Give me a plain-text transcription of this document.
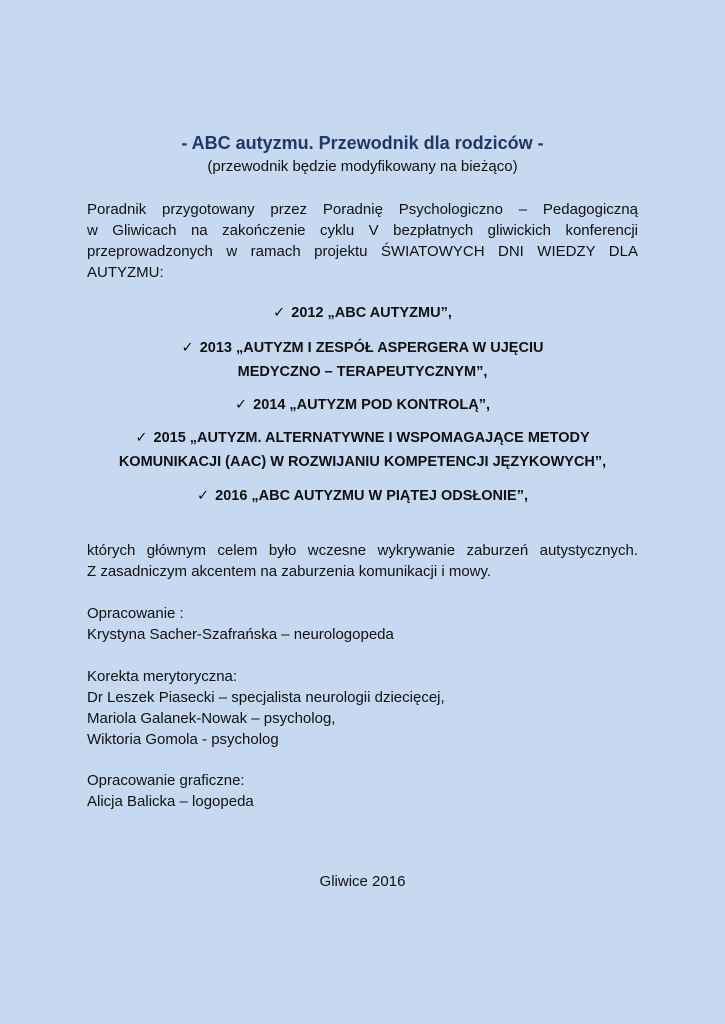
- ABC autyzmu. Przewodnik dla rodziców -
(przewodnik będzie modyfikowany na bieżąco)
Poradnik przygotowany przez Poradnię Psychologiczno – Pedagogiczną
w Gliwicach na zakończenie cyklu V bezpłatnych gliwickich konferencji
przeprowadzonych w ramach projektu ŚWIATOWYCH DNI WIEDZY DLA
AUTYZMU:
✓ 2012 „ABC AUTYZMU”,
✓ 2013 „AUTYZM I ZESPÓŁ ASPERGERA W UJĘCIU
MEDYCZNO – TERAPEUTYCZNYM”,
✓ 2014 „AUTYZM POD KONTROLĄ”,
✓ 2015 „AUTYZM. ALTERNATYWNE I WSPOMAGAJĄCE METODY
KOMUNIKACJI (AAC) W ROZWIJANIU KOMPETENCJI JĘZYKOWYCH”,
✓ 2016 „ABC AUTYZMU W PIĄTEJ ODSŁONIE”,
których głównym celem było wczesne wykrywanie zaburzeń autystycznych.
Z zasadniczym akcentem na zaburzenia komunikacji i mowy.
Opracowanie :
Krystyna Sacher-Szafrańska – neurologopeda
Korekta merytoryczna:
Dr Leszek Piasecki – specjalista neurologii dziecięcej,
Mariola Galanek-Nowak – psycholog,
Wiktoria Gomola - psycholog
Opracowanie graficzne:
Alicja Balicka – logopeda
Gliwice 2016
